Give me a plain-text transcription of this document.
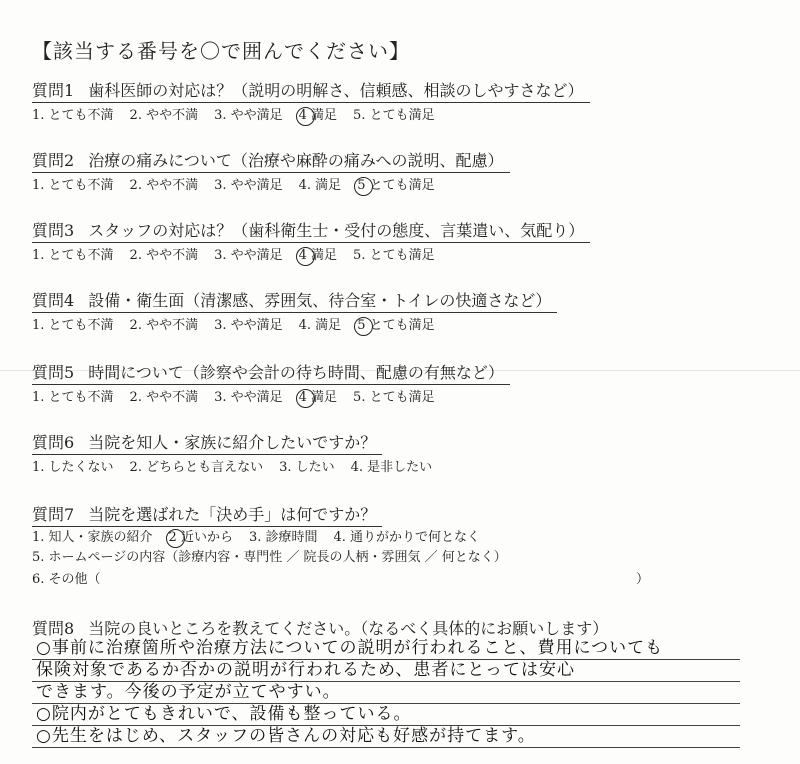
【該当する番号を〇で囲んでください】
質問1 歯科医師の対応は？（説明の明解さ、信頼感、相談のしやすさなど）
1. とても不満 2. やや不満 3. やや満足 4 満足 5. とても満足
質問2 治療の痛みについて（治療や麻酔の痛みへの説明、配慮）
1. とても不満 2. やや不満 3. やや満足 4. 満足 5 とても満足
質問3 スタッフの対応は？（歯科衛生士・受付の態度、言葉遣い、気配り）
1. とても不満 2. やや不満 3. やや満足 4 満足 5. とても満足
質問4 設備・衛生面（清潔感、雰囲気、待合室・トイレの快適さなど）
1. とても不満 2. やや不満 3. やや満足 4. 満足 5 とても満足
質問5 時間について（診察や会計の待ち時間、配慮の有無など）
1. とても不満 2. やや不満 3. やや満足 4 満足 5. とても満足
質問6 当院を知人・家族に紹介したいですか？
1. したくない 2. どちらとも言えない 3. したい 4. 是非したい
質問7 当院を選ばれた「決め手」は何ですか？
1. 知人・家族の紹介 2 近いから 3. 診療時間 4. 通りがかりで何となく
5. ホームページの内容（診療内容・専門性 ／ 院長の人柄・雰囲気 ／ 何となく）
6. その他（	）
質問8 当院の良いところを教えてください。（なるべく具体的にお願いします）
○事前に治療箇所や治療方法についての説明が行われること、費用についても
保険対象であるか否かの説明が行われるため、患者にとっては安心
できます。今後の予定が立てやすい。
○院内がとてもきれいで、設備も整っている。
○先生をはじめ、スタッフの皆さんの対応も好感が持てます。
